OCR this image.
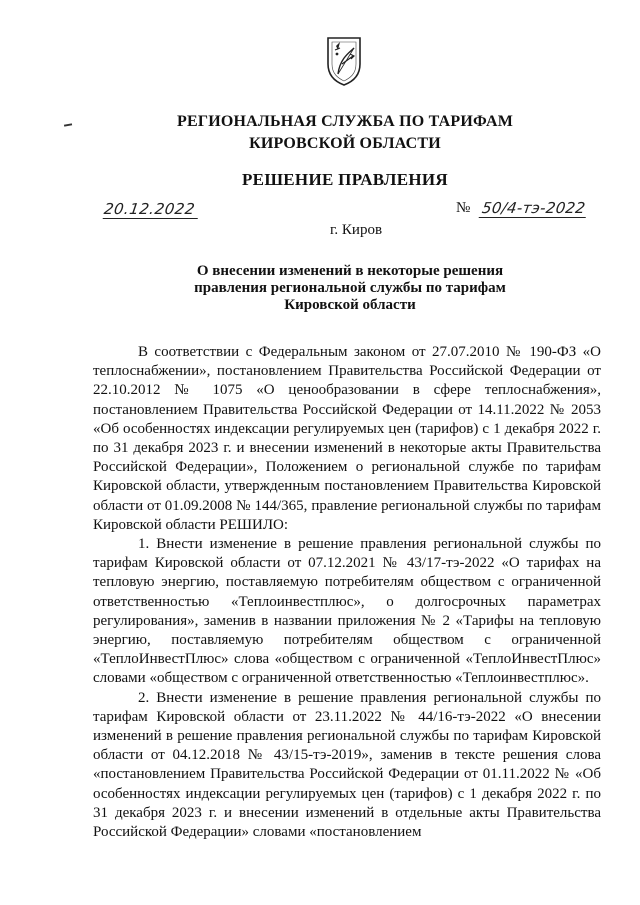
РЕГИОНАЛЬНАЯ СЛУЖБА ПО ТАРИФАМ
КИРОВСКОЙ ОБЛАСТИ
РЕШЕНИЕ ПРАВЛЕНИЯ
20.12.2022	№ 50/4-тэ-2022
г. Киров
О внесении изменений в некоторые решения правления региональной службы по тарифам Кировской области

В соответствии с Федеральным законом от 27.07.2010 № 190-ФЗ «О теплоснабжении», постановлением Правительства Российской Федерации от 22.10.2012 № 1075 «О ценообразовании в сфере теплоснабжения», постановлением Правительства Российской Федерации от 14.11.2022 № 2053 «Об особенностях индексации регулируемых цен (тарифов) с 1 декабря 2022 г. по 31 декабря 2023 г. и внесении изменений в некоторые акты Правительства Российской Федерации», Положением о региональной службе по тарифам Кировской области, утвержденным постановлением Правительства Кировской области от 01.09.2008 № 144/365, правление региональной службы по тарифам Кировской области РЕШИЛО:

1. Внести изменение в решение правления региональной службы по тарифам Кировской области от 07.12.2021 № 43/17-тэ-2022 «О тарифах на тепловую энергию, поставляемую потребителям обществом с ограниченной ответственностью «Теплоинвестплюс», о долгосрочных параметрах регулирования», заменив в названии приложения № 2 «Тарифы на тепловую энергию, поставляемую потребителям обществом с ограниченной «ТеплоИнвестПлюс» слова «обществом с ограниченной «ТеплоИнвестПлюс» словами «обществом с ограниченной ответственностью «Теплоинвестплюс».

2. Внести изменение в решение правления региональной службы по тарифам Кировской области от 23.11.2022 № 44/16-тэ-2022 «О внесении изменений в решение правления региональной службы по тарифам Кировской области от 04.12.2018 № 43/15-тэ-2019», заменив в тексте решения слова «постановлением Правительства Российской Федерации от 01.11.2022 № «Об особенностях индексации регулируемых цен (тарифов) с 1 декабря 2022 г. по 31 декабря 2023 г. и внесении изменений в отдельные акты Правительства Российской Федерации» словами «постановлением
